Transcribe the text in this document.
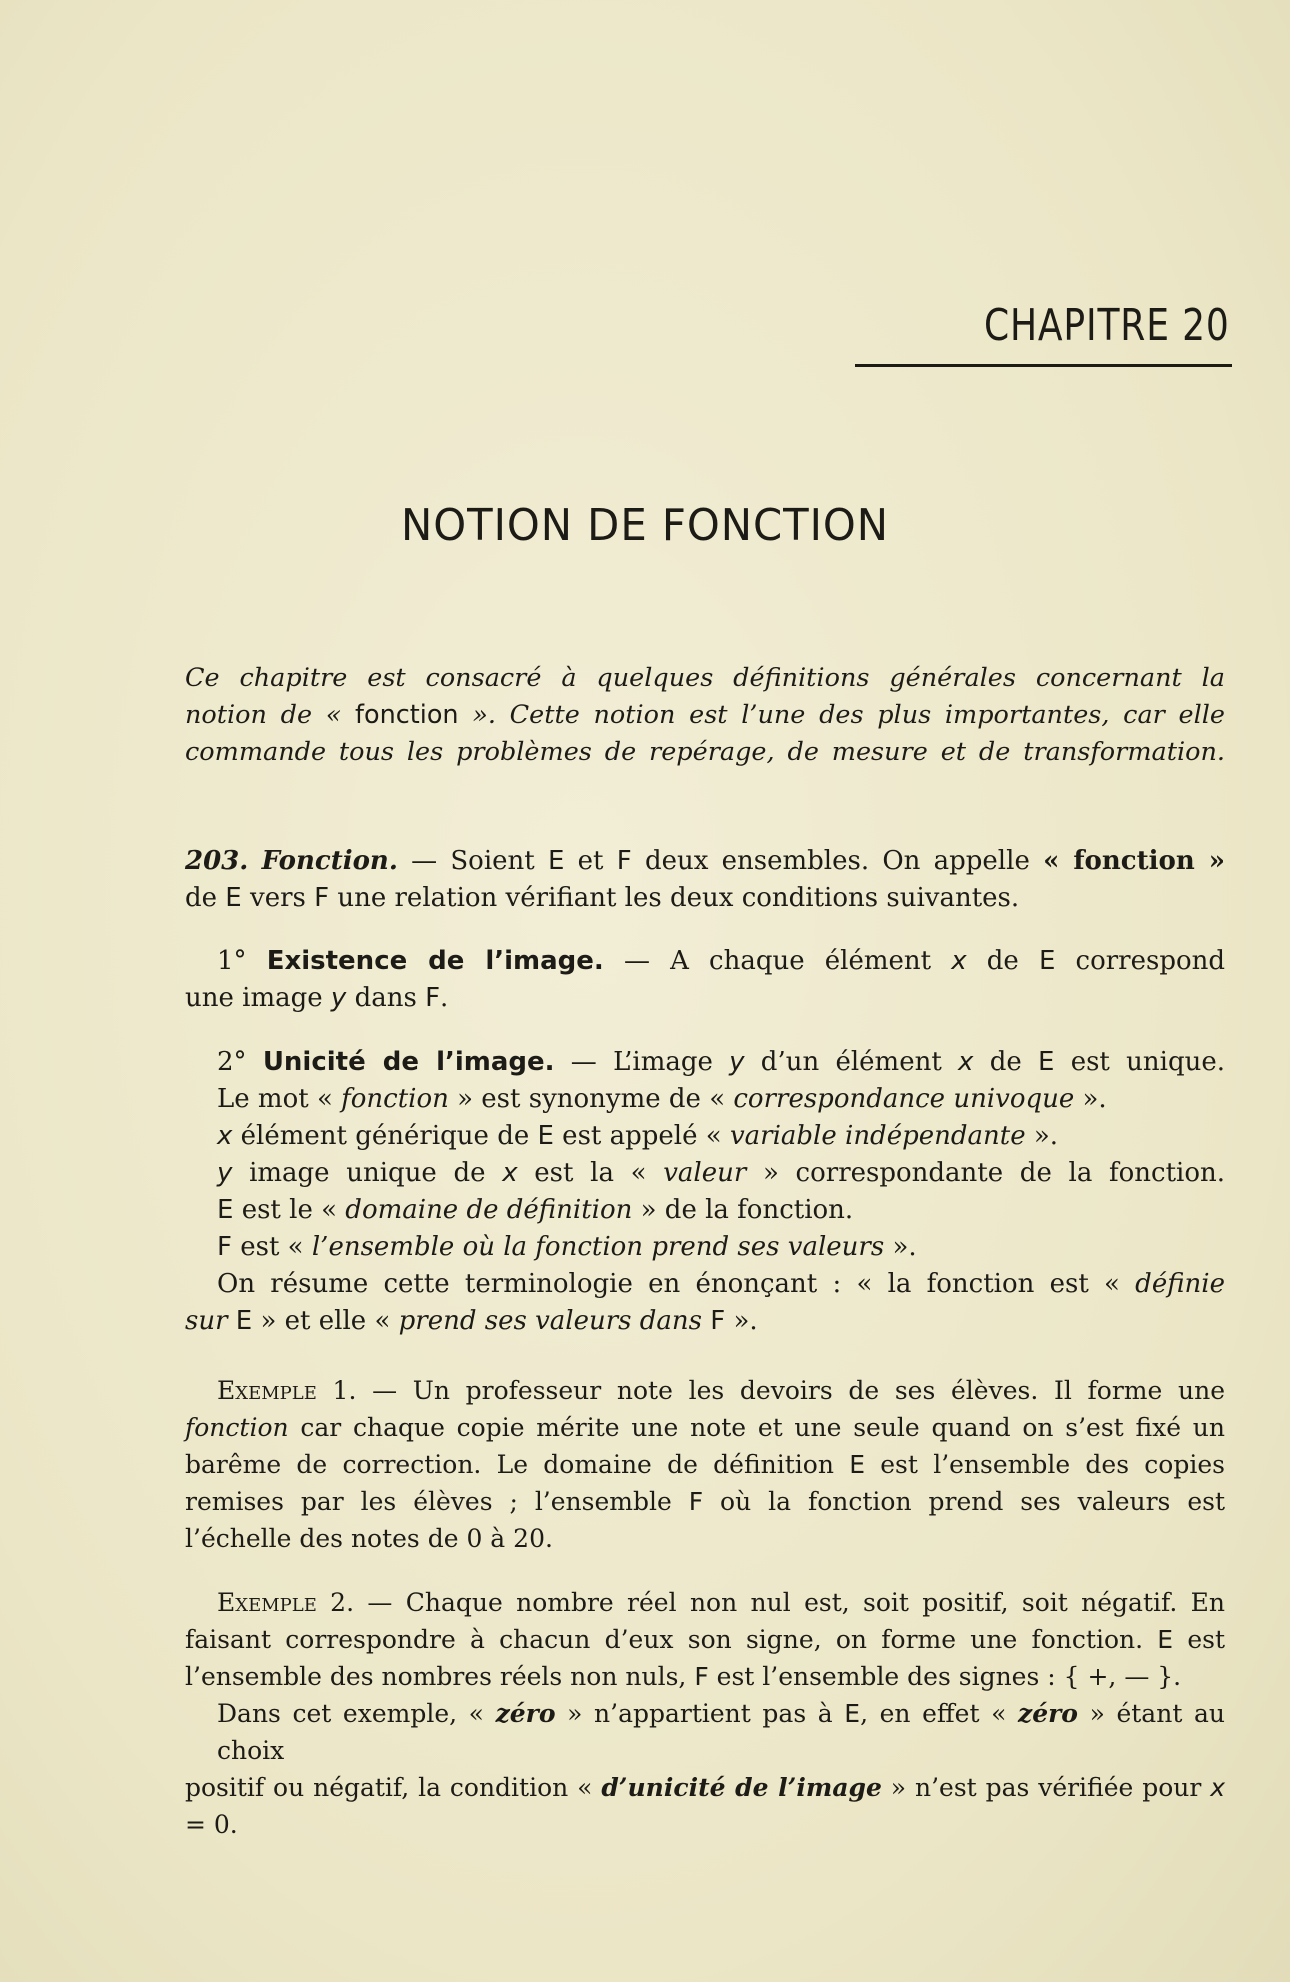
CHAPITRE 20
NOTION DE FONCTION
Ce chapitre est consacré à quelques définitions générales concernant la
notion de « fonction ». Cette notion est l’une des plus importantes, car elle
commande tous les problèmes de repérage, de mesure et de transformation.
203. Fonction. — Soient E et F deux ensembles. On appelle « fonction »
de E vers F une relation vérifiant les deux conditions suivantes.
1° Existence de l’image. — A chaque élément x de E correspond
une image y dans F.
2° Unicité de l’image. — L’image y d’un élément x de E est unique.
Le mot « fonction » est synonyme de « correspondance univoque ».
x élément générique de E est appelé « variable indépendante ».
y image unique de x est la « valeur » correspondante de la fonction.
E est le « domaine de définition » de la fonction.
F est « l’ensemble où la fonction prend ses valeurs ».
On résume cette terminologie en énonçant : « la fonction est « définie
sur E » et elle « prend ses valeurs dans F ».
Exemple 1. — Un professeur note les devoirs de ses élèves. Il forme une
fonction car chaque copie mérite une note et une seule quand on s’est fixé un
barême de correction. Le domaine de définition E est l’ensemble des copies
remises par les élèves ; l’ensemble F où la fonction prend ses valeurs est
l’échelle des notes de 0 à 20.
Exemple 2. — Chaque nombre réel non nul est, soit positif, soit négatif. En
faisant correspondre à chacun d’eux son signe, on forme une fonction. E est
l’ensemble des nombres réels non nuls, F est l’ensemble des signes : { +, — }.
Dans cet exemple, « zéro » n’appartient pas à E, en effet « zéro » étant au choix
positif ou négatif, la condition « d’unicité de l’image » n’est pas vérifiée pour x = 0.
